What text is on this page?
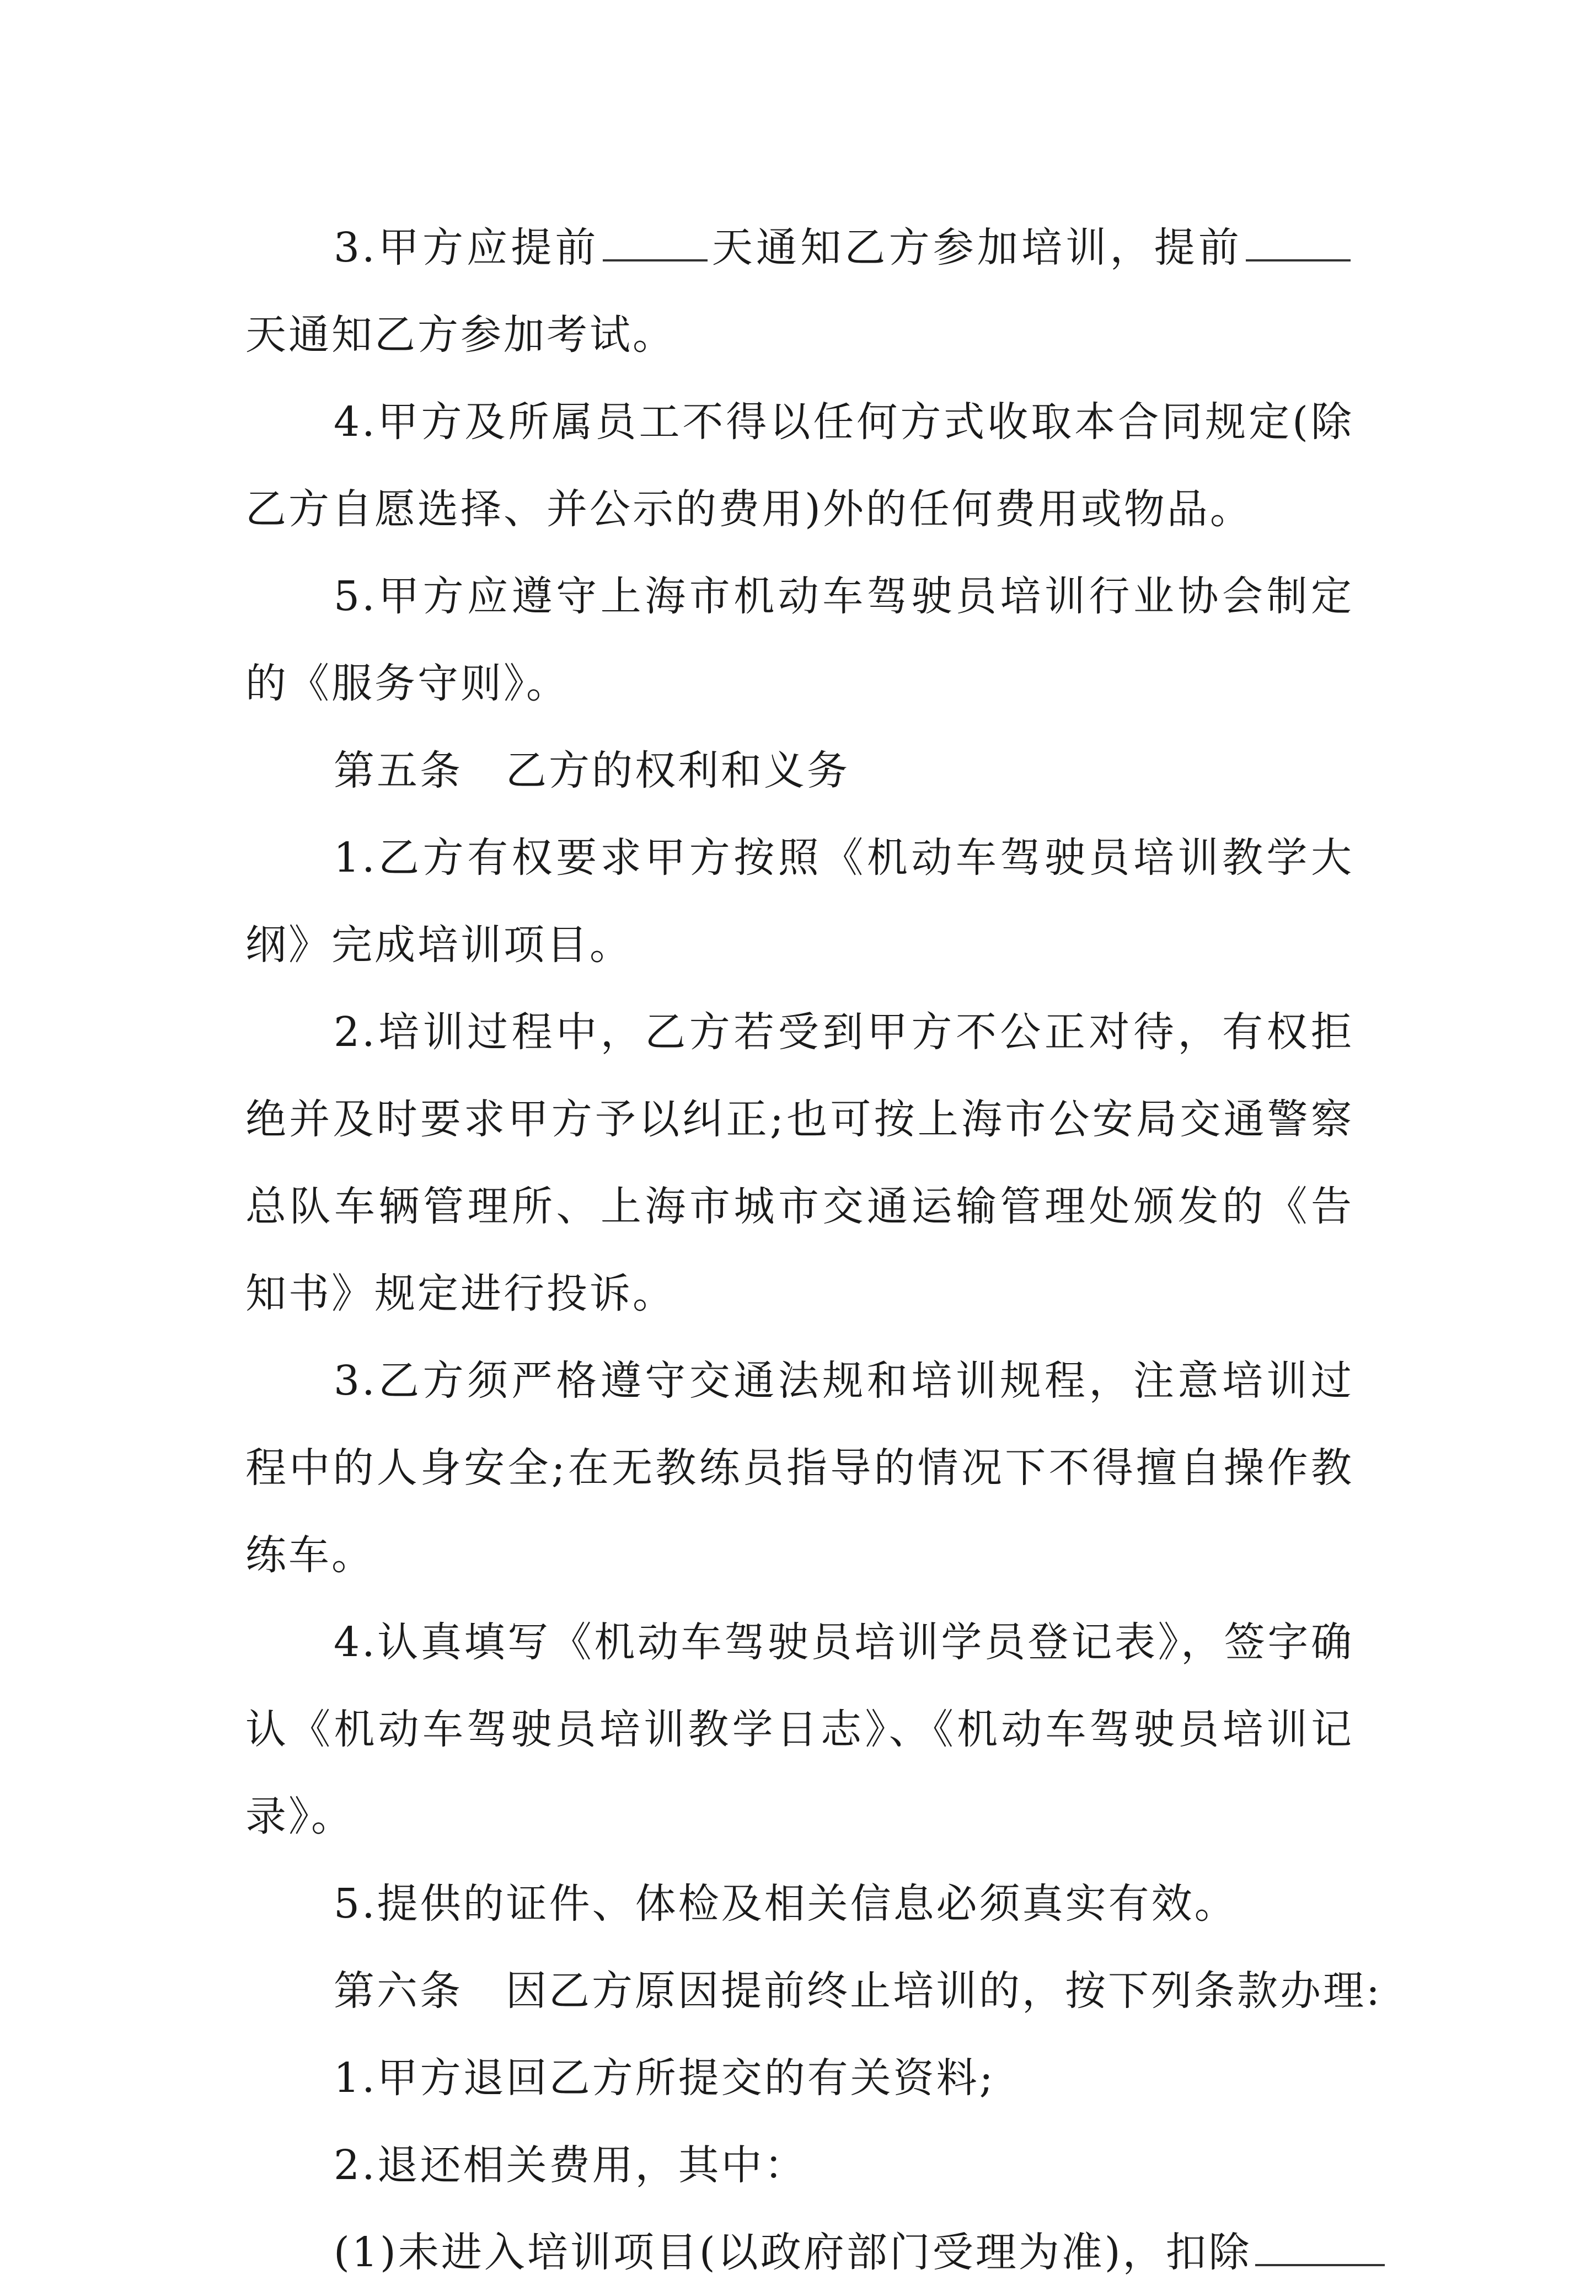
3.甲方应提前	天通知乙方参加培训，提前天通知乙方参加考试。

4.甲方及所属员工不得以任何方式收取本合同规定(除乙方自愿选择、并公示的费用)外的任何费用或物品。

5.甲方应遵守上海市机动车驾驶员培训行业协会制定的《服务守则》。

第五条　乙方的权利和义务

1.乙方有权要求甲方按照《机动车驾驶员培训教学大纲》完成培训项目。

2.培训过程中，乙方若受到甲方不公正对待，有权拒绝并及时要求甲方予以纠正;也可按上海市公安局交通警察总队车辆管理所、上海市城市交通运输管理处颁发的《告知书》规定进行投诉。

3.乙方须严格遵守交通法规和培训规程，注意培训过程中的人身安全;在无教练员指导的情况下不得擅自操作教练车。

4.认真填写《机动车驾驶员培训学员登记表》，签字确认《机动车驾驶员培训教学日志》、《机动车驾驶员培训记录》。

5.提供的证件、体检及相关信息必须真实有效。

第六条　因乙方原因提前终止培训的，按下列条款办理:

1.甲方退回乙方所提交的有关资料;

2.退还相关费用，其中：

(1)未进入培训项目(以政府部门受理为准)，扣除
